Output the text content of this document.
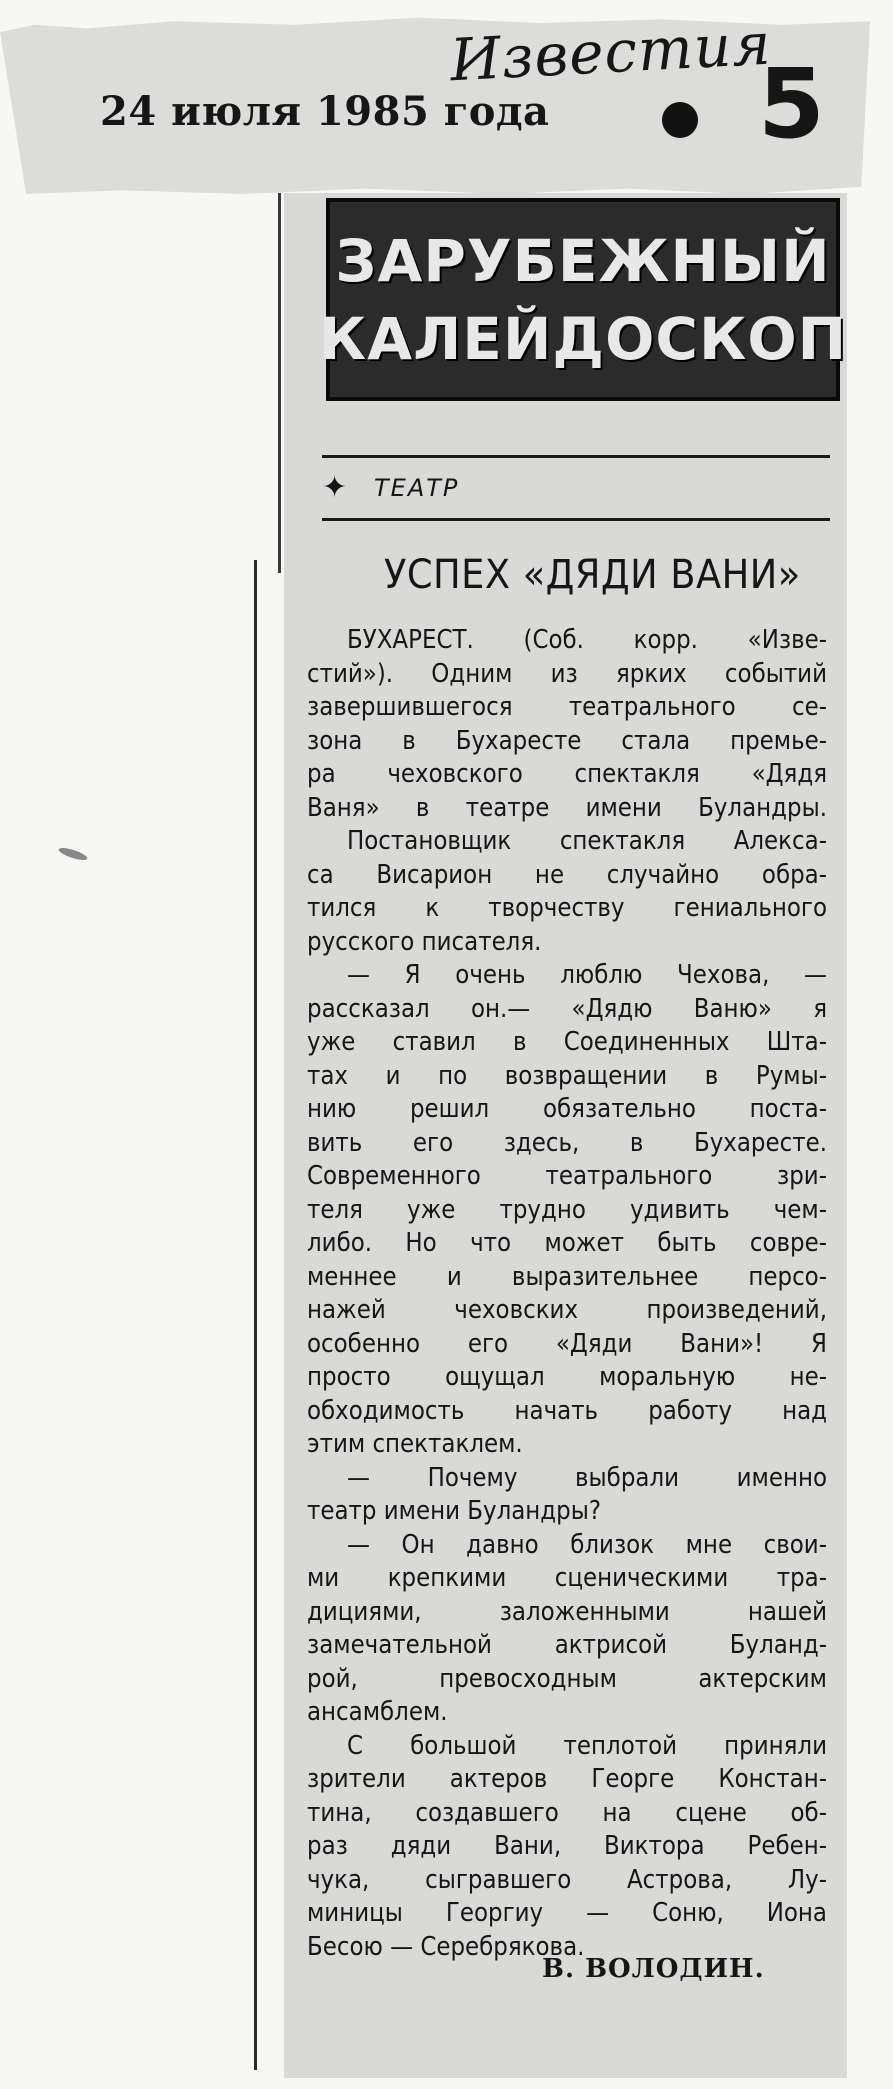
24 июля 1985 года
Известия
5
ЗАРУБЕЖНЫЙ
КАЛЕЙДОСКОП
✦ ТЕАТР
УСПЕХ «ДЯДИ ВАНИ»

БУХАРЕСТ. (Соб. корр. «Изве-

стий»). Одним из ярких событий

завершившегося театрального се-

зона в Бухаресте стала премье-

ра чеховского спектакля «Дядя

Ваня» в театре имени Буландры.

Постановщик спектакля Алекса-

са Висарион не случайно обра-

тился к творчеству гениального

русского писателя.

— Я очень люблю Чехова, —

рассказал он.— «Дядю Ваню» я

уже ставил в Соединенных Шта-

тах и по возвращении в Румы-

нию решил обязательно поста-

вить его здесь, в Бухаресте.

Современного театрального зри-

теля уже трудно удивить чем-

либо. Но что может быть совре-

меннее и выразительнее персо-

нажей чеховских произведений,

особенно его «Дяди Вани»! Я

просто ощущал моральную не-

обходимость начать работу над

этим спектаклем.

— Почему выбрали именно

театр имени Буландры?

— Он давно близок мне свои-

ми крепкими сценическими тра-

дициями, заложенными нашей

замечательной актрисой Буланд-

рой, превосходным актерским

ансамблем.

С большой теплотой приняли

зрители актеров Георге Констан-

тина, создавшего на сцене об-

раз дяди Вани, Виктора Ребен-

чука, сыгравшего Астрова, Лу-

миницы Георгиу — Соню, Иона

Бесою — Серебрякова.

В. ВОЛОДИН.
